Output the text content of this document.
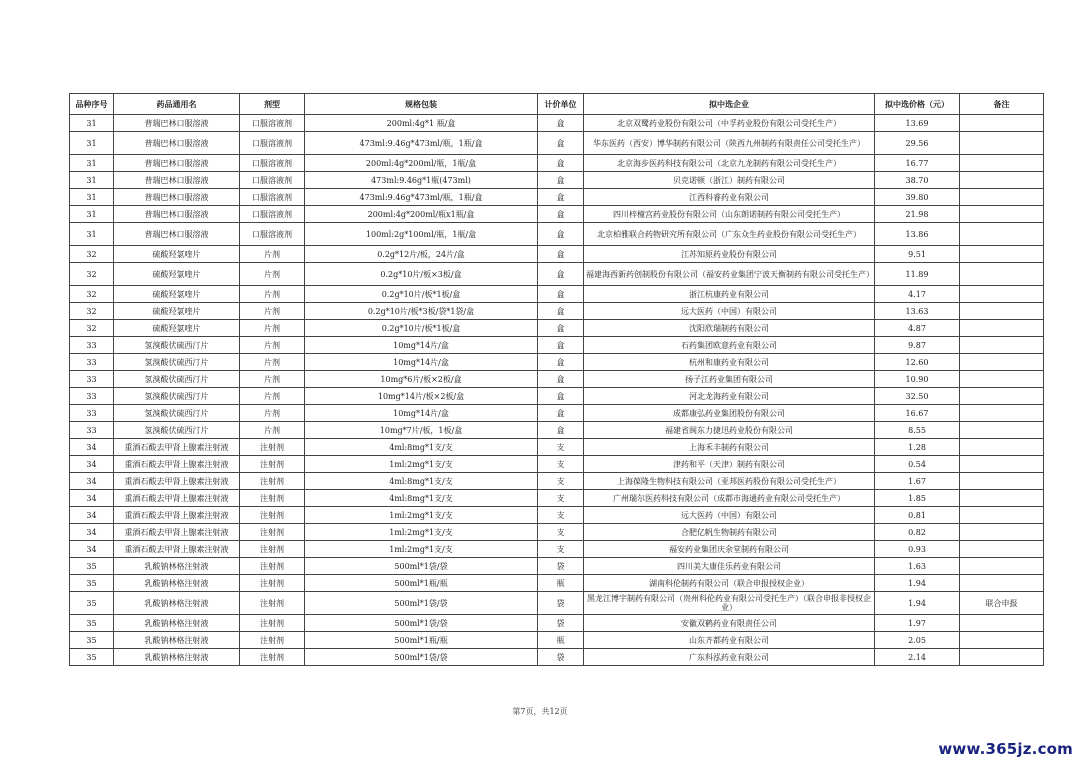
品种序号	药品通用名	剂型	规格包装	计价单位	拟中选企业	拟中选价格（元）	备注
31	普瑞巴林口服溶液	口服溶液剂	200ml:4g*1 瓶/盒	盒	北京双鹭药业股份有限公司（中孚药业股份有限公司受托生产）	13.69	
31	普瑞巴林口服溶液	口服溶液剂	473ml:9.46g*473ml/瓶，1瓶/盒	盒	华东医药（西安）博华制药有限公司（陕西九州制药有限责任公司受托生产）	29.56	
31	普瑞巴林口服溶液	口服溶液剂	200ml:4g*200ml/瓶，1瓶/盒	盒	北京海步医药科技有限公司（北京九龙制药有限公司受托生产）	16.77	
31	普瑞巴林口服溶液	口服溶液剂	473ml:9.46g*1瓶(473ml)	盒	贝克诺顿（浙江）制药有限公司	38.70	
31	普瑞巴林口服溶液	口服溶液剂	473ml:9.46g*473ml/瓶，1瓶/盒	盒	江西科睿药业有限公司	39.80	
31	普瑞巴林口服溶液	口服溶液剂	200ml:4g*200ml/瓶x1瓶/盒	盒	四川梓橦宫药业股份有限公司（山东朗诺制药有限公司受托生产）	21.98	
31	普瑞巴林口服溶液	口服溶液剂	100ml:2g*100ml/瓶，1瓶/盒	盒	北京柏雅联合药物研究所有限公司（广东众生药业股份有限公司受托生产）	13.86	
32	硫酸羟氯喹片	片剂	0.2g*12片/板，24片/盒	盒	江苏知原药业股份有限公司	9.51	
32	硫酸羟氯喹片	片剂	0.2g*10片/板×3板/盒	盒	福建海西新药创制股份有限公司（福安药业集团宁波天衡制药有限公司受托生产）	11.89	
32	硫酸羟氯喹片	片剂	0.2g*10片/板*1板/盒	盒	浙江杭康药业有限公司	4.17	
32	硫酸羟氯喹片	片剂	0.2g*10片/板*3板/袋*1袋/盒	盒	远大医药（中国）有限公司	13.63	
32	硫酸羟氯喹片	片剂	0.2g*10片/板*1板/盒	盒	沈阳欣瑞制药有限公司	4.87	
33	氢溴酸伏硫西汀片	片剂	10mg*14片/盒	盒	石药集团欧意药业有限公司	9.87	
33	氢溴酸伏硫西汀片	片剂	10mg*14片/盒	盒	杭州和康药业有限公司	12.60	
33	氢溴酸伏硫西汀片	片剂	10mg*6片/板×2板/盒	盒	扬子江药业集团有限公司	10.90	
33	氢溴酸伏硫西汀片	片剂	10mg*14片/板×2板/盒	盒	河北龙海药业有限公司	32.50	
33	氢溴酸伏硫西汀片	片剂	10mg*14片/盒	盒	成都康弘药业集团股份有限公司	16.67	
33	氢溴酸伏硫西汀片	片剂	10mg*7片/板，1板/盒	盒	福建省闽东力捷迅药业股份有限公司	8.55	
34	重酒石酸去甲肾上腺素注射液	注射剂	4ml:8mg*1支/支	支	上海禾丰制药有限公司	1.28	
34	重酒石酸去甲肾上腺素注射液	注射剂	1ml:2mg*1支/支	支	津药和平（天津）制药有限公司	0.54	
34	重酒石酸去甲肾上腺素注射液	注射剂	4ml:8mg*1支/支	支	上海葆隆生物科技有限公司（亚邦医药股份有限公司受托生产）	1.67	
34	重酒石酸去甲肾上腺素注射液	注射剂	4ml:8mg*1支/支	支	广州瑞尔医药科技有限公司（成都市海通药业有限公司受托生产）	1.85	
34	重酒石酸去甲肾上腺素注射液	注射剂	1ml:2mg*1支/支	支	远大医药（中国）有限公司	0.81	
34	重酒石酸去甲肾上腺素注射液	注射剂	1ml:2mg*1支/支	支	合肥亿帆生物制药有限公司	0.82	
34	重酒石酸去甲肾上腺素注射液	注射剂	1ml:2mg*1支/支	支	福安药业集团庆余堂制药有限公司	0.93	
35	乳酸钠林格注射液	注射剂	500ml*1袋/袋	袋	四川美大康佳乐药业有限公司	1.63	
35	乳酸钠林格注射液	注射剂	500ml*1瓶/瓶	瓶	湖南科伦制药有限公司（联合申报授权企业）	1.94	
35	乳酸钠林格注射液	注射剂	500ml*1袋/袋	袋	黑龙江博宇制药有限公司（贵州科伦药业有限公司受托生产）（联合申报非授权企业）	1.94	联合申报
35	乳酸钠林格注射液	注射剂	500ml*1袋/袋	袋	安徽双鹤药业有限责任公司	1.97	
35	乳酸钠林格注射液	注射剂	500ml*1瓶/瓶	瓶	山东齐都药业有限公司	2.05	
35	乳酸钠林格注射液	注射剂	500ml*1袋/袋	袋	广东科泓药业有限公司	2.14	
第7页，共12页
www.365jz.com
